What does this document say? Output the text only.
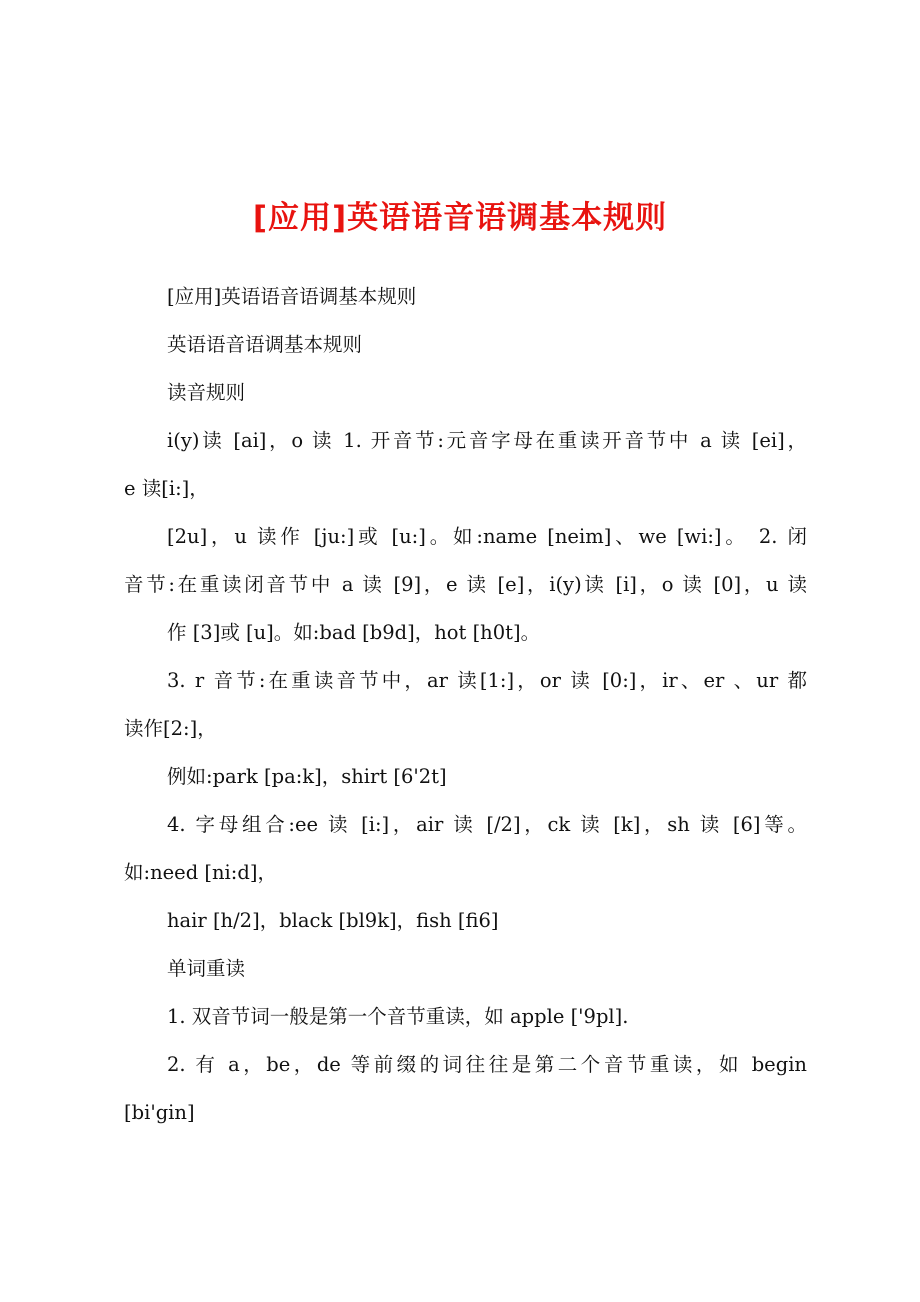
[应用]英语语音语调基本规则
[应用]英语语音语调基本规则
英语语音语调基本规则
读音规则
i(y)读 [ai]，o 读 1. 开音节:元音字母在重读开音节中 a 读 [ei]，
e 读[i:]，
[2u]，u 读作 [ju:]或 [u:]。如:name [neim]、we [wi:]。 2. 闭
音节:在重读闭音节中 a 读 [9]，e 读 [e]，i(y)读 [i]，o 读 [0]，u 读
作 [3]或 [u]。如:bad [b9d]，hot [h0t]。
3. r 音节:在重读音节中，ar 读[1:]，or 读 [0:]，ir、er 、ur 都
读作[2:]，
例如:park [pa:k]，shirt [6'2t]
4. 字母组合:ee 读 [i:]，air 读 [/2]，ck 读 [k]，sh 读 [6]等。
如:need [ni:d]，
hair [h/2]，black [bl9k]，fish [fi6]
单词重读
1. 双音节词一般是第一个音节重读，如 apple ['9pl].
2. 有 a，be，de 等前缀的词往往是第二个音节重读，如 begin
[bi'gin]
